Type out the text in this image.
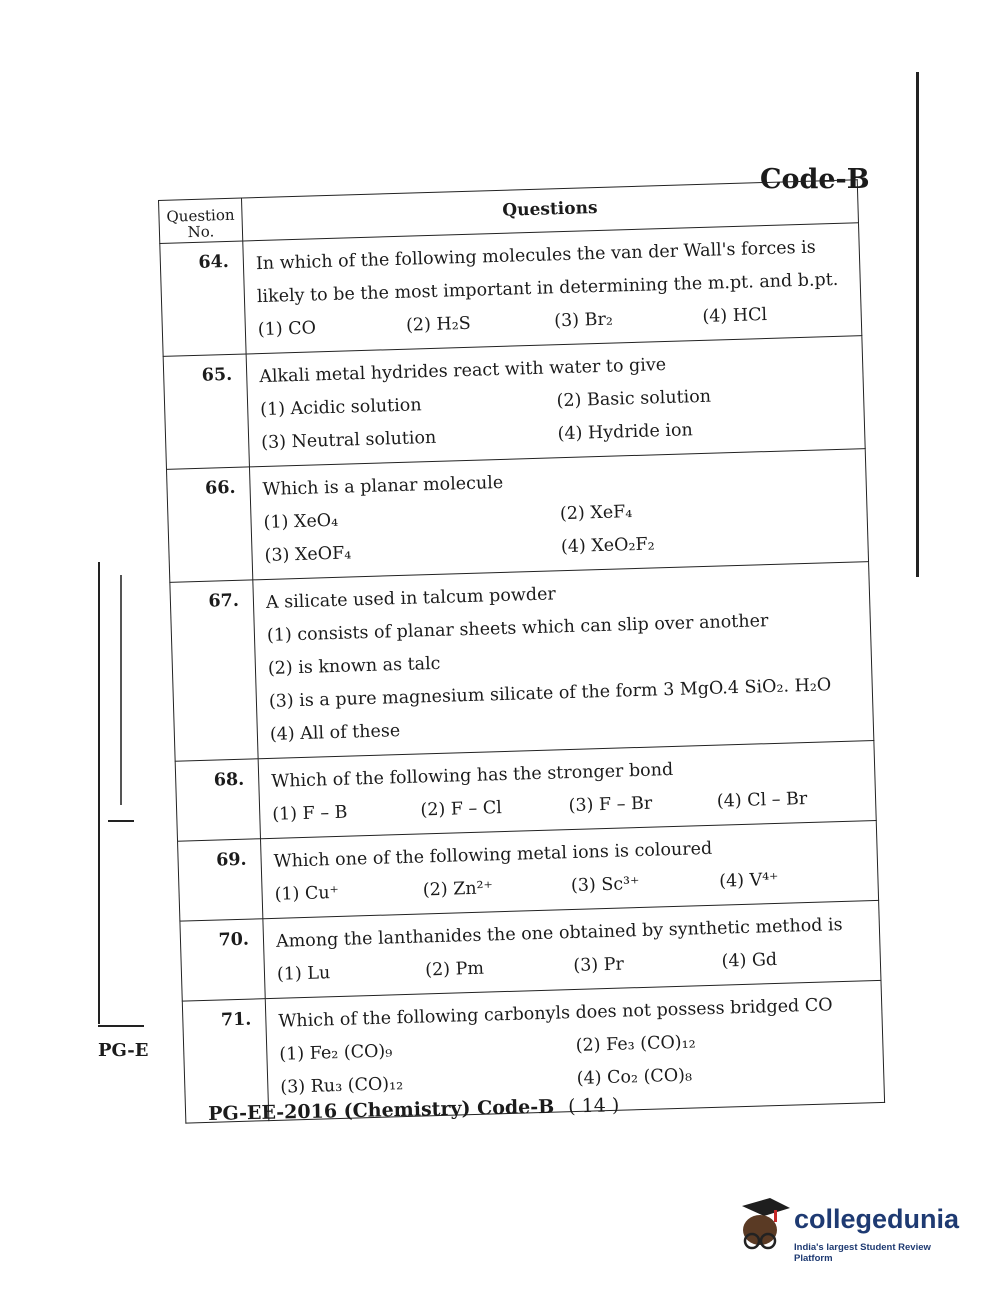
Code-B
Question No.	Questions
64.	In which of the following molecules the van der Wall's forces is likely to be the most important in determining the m.pt. and b.pt.
(1) CO (2) H₂S (3) Br₂ (4) HCl

65.	Alkali metal hydrides react with water to give
(1) Acidic solution (2) Basic solution
(3) Neutral solution (4) Hydride ion

66.	Which is a planar molecule
(1) XeO₄ (2) XeF₄
(3) XeOF₄ (4) XeO₂F₂

67.	A silicate used in talcum powder
(1) consists of planar sheets which can slip over another
(2) is known as talc
(3) is a pure magnesium silicate of the form 3 MgO.4 SiO₂. H₂O
(4) All of these

68.	Which of the following has the stronger bond
(1) F – B (2) F – Cl (3) F – Br (4) Cl – Br

69.	Which one of the following metal ions is coloured
(1) Cu⁺ (2) Zn²⁺ (3) Sc³⁺ (4) V⁴⁺

70.	Among the lanthanides the one obtained by synthetic method is
(1) Lu (2) Pm (3) Pr (4) Gd

71.	Which of the following carbonyls does not possess bridged CO
(1) Fe₂ (CO)₉ (2) Fe₃ (CO)₁₂
(3) Ru₃ (CO)₁₂ (4) Co₂ (CO)₈
PG-EE-2016 (Chemistry) Code-B ( 14 )
PG-E
collegedunia
India's largest Student Review Platform
